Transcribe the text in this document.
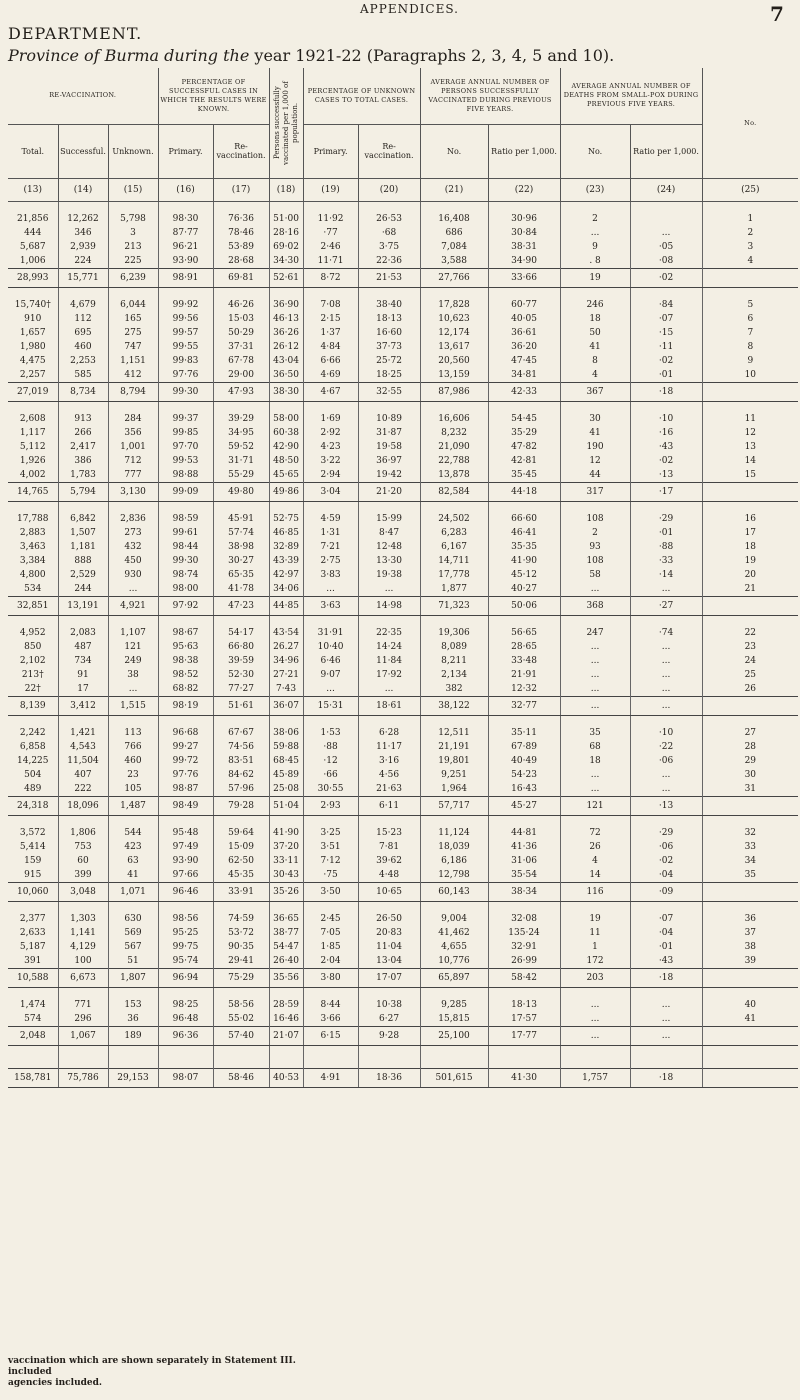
APPENDICES.	7
DEPARTMENT.
Province of Burma during the year 1921-22 (Paragraphs 2, 3, 4, 5 and 10).
RE-VACCINATION.			PERCENTAGE OF SUCCESSFUL CASES IN WHICH THE RESULTS WERE KNOWN.		Persons successfully vaccinated per 1,000 of population.	PERCENTAGE OF UNKNOWN CASES TO TOTAL CASES.		AVERAGE ANNUAL NUMBER OF PERSONS SUCCESSFULLY VACCINATED DURING PREVIOUS FIVE YEARS.		AVERAGE ANNUAL NUMBER OF DEATHS FROM SMALL-POX DURING PREVIOUS FIVE YEARS.		No.
Total.	Successful.	Unknown.	Primary.	Re-vaccination.		Primary.	Re-vaccination.	No.	Ratio per 1,000.	No.	Ratio per 1,000.	
(13)	(14)	(15)	(16)	(17)	(18)	(19)	(20)	(21)	(22)	(23)	(24)	(25)

21,856	12,262	5,798	98·30	76·36	51·00	11·92	26·53	16,408	30·96	2		1
444	346	3	87·77	78·46	28·16	·77	·68	686	30·84	...	...	2
5,687	2,939	213	96·21	53·89	69·02	2·46	3·75	7,084	38·31	9	·05	3
1,006	224	225	93·90	28·68	34·30	11·71	22·36	3,588	34·90	. 8	·08	4
28,993	15,771	6,239	98·91	69·81	52·61	8·72	21·53	27,766	33·66	19	·02	

15,740†	4,679	6,044	99·92	46·26	36·90	7·08	38·40	17,828	60·77	246	·84	5
910	112	165	99·56	15·03	46·13	2·15	18·13	10,623	40·05	18	·07	6
1,657	695	275	99·57	50·29	36·26	1·37	16·60	12,174	36·61	50	·15	7
1,980	460	747	99·55	37·31	26·12	4·84	37·73	13,617	36·20	41	·11	8
4,475	2,253	1,151	99·83	67·78	43·04	6·66	25·72	20,560	47·45	8	·02	9
2,257	585	412	97·76	29·00	36·50	4·69	18·25	13,159	34·81	4	·01	10
27,019	8,734	8,794	99·30	47·93	38·30	4·67	32·55	87,986	42·33	367	·18	

2,608	913	284	99·37	39·29	58·00	1·69	10·89	16,606	54·45	30	·10	11
1,117	266	356	99·85	34·95	60·38	2·92	31·87	8,232	35·29	41	·16	12
5,112	2,417	1,001	97·70	59·52	42·90	4·23	19·58	21,090	47·82	190	·43	13
1,926	386	712	99·53	31·71	48·50	3·22	36·97	22,788	42·81	12	·02	14
4,002	1,783	777	98·88	55·29	45·65	2·94	19·42	13,878	35·45	44	·13	15
14,765	5,794	3,130	99·09	49·80	49·86	3·04	21·20	82,584	44·18	317	·17	

17,788	6,842	2,836	98·59	45·91	52·75	4·59	15·99	24,502	66·60	108	·29	16
2,883	1,507	273	99·61	57·74	46·85	1·31	8·47	6,283	46·41	2	·01	17
3,463	1,181	432	98·44	38·98	32·89	7·21	12·48	6,167	35·35	93	·88	18
3,384	888	450	99·30	30·27	43·39	2·75	13·30	14,711	41·90	108	·33	19
4,800	2,529	930	98·74	65·35	42·97	3·83	19·38	17,778	45·12	58	·14	20
534	244	...	98·00	41·78	34·06	...	...	1,877	40·27	...	...	21
32,851	13,191	4,921	97·92	47·23	44·85	3·63	14·98	71,323	50·06	368	·27	

4,952	2,083	1,107	98·67	54·17	43·54	31·91	22·35	19,306	56·65	247	·74	22
850	487	121	95·63	66·80	26.27	10·40	14·24	8,089	28·65	...	...	23
2,102	734	249	98·38	39·59	34·96	6·46	11·84	8,211	33·48	...	...	24
213†	91	38	98·52	52·30	27·21	9·07	17·92	2,134	21·91	...	...	25
22†	17	...	68·82	77·27	7·43	...	...	382	12·32	...	...	26
8,139	3,412	1,515	98·19	51·61	36·07	15·31	18·61	38,122	32·77	...	...	

2,242	1,421	113	96·68	67·67	38·06	1·53	6·28	12,511	35·11	35	·10	27
6,858	4,543	766	99·27	74·56	59·88	·88	11·17	21,191	67·89	68	·22	28
14,225	11,504	460	99·72	83·51	68·45	·12	3·16	19,801	40·49	18	·06	29
504	407	23	97·76	84·62	45·89	·66	4·56	9,251	54·23	...	...	30
489	222	105	98·87	57·96	25·08	30·55	21·63	1,964	16·43	...	...	31
24,318	18,096	1,487	98·49	79·28	51·04	2·93	6·11	57,717	45·27	121	·13	

3,572	1,806	544	95·48	59·64	41·90	3·25	15·23	11,124	44·81	72	·29	32
5,414	753	423	97·49	15·09	37·20	3·51	7·81	18,039	41·36	26	·06	33
159	60	63	93·90	62·50	33·11	7·12	39·62	6,186	31·06	4	·02	34
915	399	41	97·66	45·35	30·43	·75	4·48	12,798	35·54	14	·04	35
10,060	3,048	1,071	96·46	33·91	35·26	3·50	10·65	60,143	38·34	116	·09	

2,377	1,303	630	98·56	74·59	36·65	2·45	26·50	9,004	32·08	19	·07	36
2,633	1,141	569	95·25	53·72	38·77	7·05	20·83	41,462	135·24	11	·04	37
5,187	4,129	567	99·75	90·35	54·47	1·85	11·04	4,655	32·91	1	·01	38
391	100	51	95·74	29·41	26·40	2·04	13·04	10,776	26·99	172	·43	39
10,588	6,673	1,807	96·94	75·29	35·56	3·80	17·07	65,897	58·42	203	·18	

1,474	771	153	98·25	58·56	28·59	8·44	10·38	9,285	18·13	...	...	40
574	296	36	96·48	55·02	16·46	3·66	6·27	15,815	17·57	...	...	41
2,048	1,067	189	96·36	57·40	21·07	6·15	9·28	25,100	17·77	...	...	

158,781	75,786	29,153	98·07	58·46	40·53	4·91	18·36	501,615	41·30	1,757	·18	
vaccination which are shown separately in Statement III.
included
agencies included.
